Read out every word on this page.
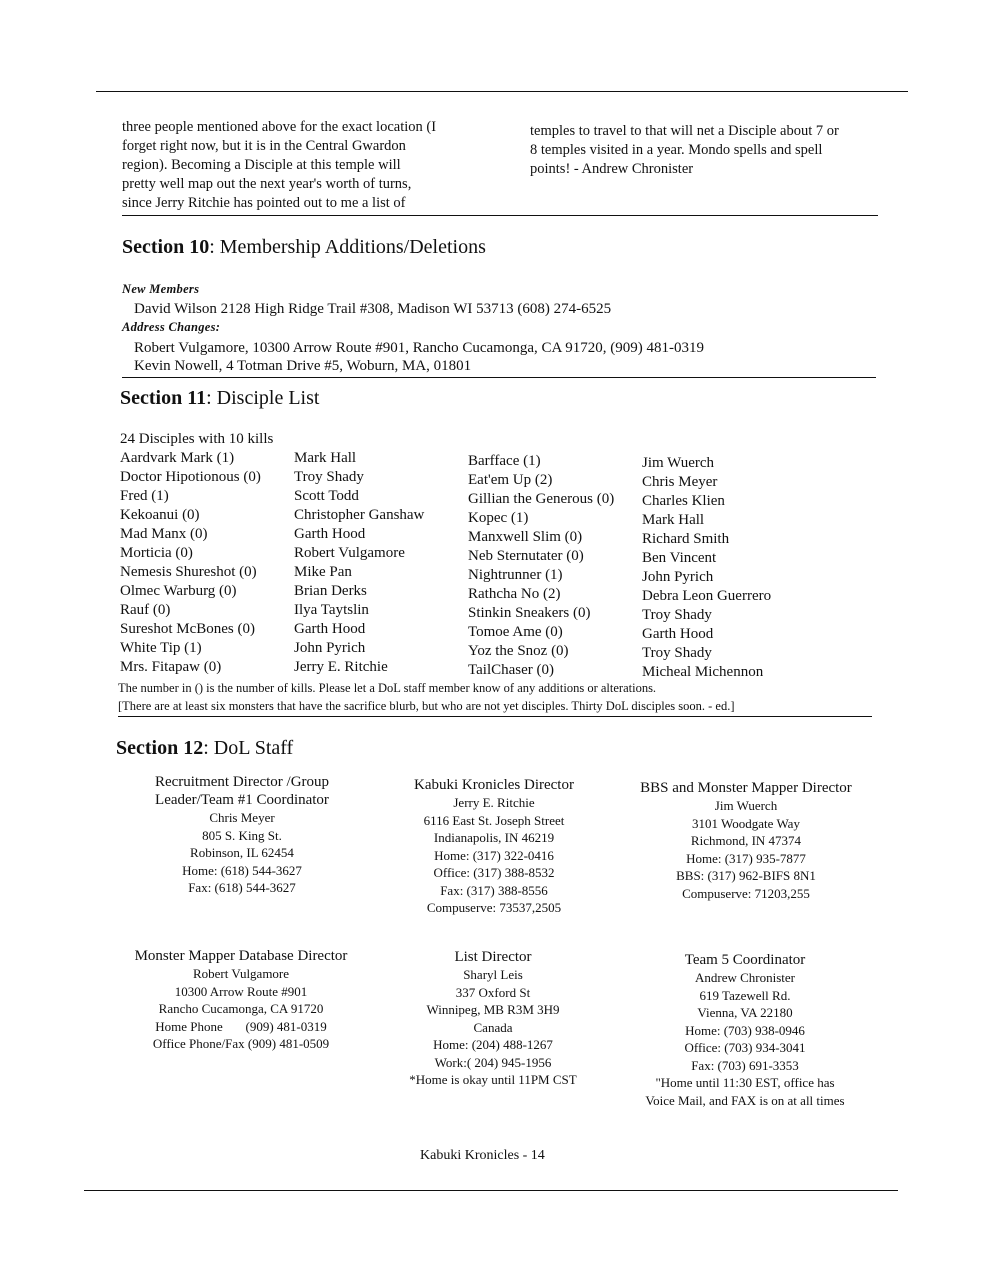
three people mentioned above for the exact location (I
forget right now, but it is in the Central Gwardon
region). Becoming a Disciple at this temple will
pretty well map out the next year's worth of turns,
since Jerry Ritchie has pointed out to me a list of
temples to travel to that will net a Disciple about 7 or
8 temples visited in a year. Mondo spells and spell
points! - Andrew Chronister
Section 10: Membership Additions/Deletions
New Members
David Wilson 2128 High Ridge Trail #308, Madison WI 53713 (608) 274-6525
Address Changes:
Robert Vulgamore, 10300 Arrow Route #901, Rancho Cucamonga, CA 91720, (909) 481-0319
Kevin Nowell, 4 Totman Drive #5, Woburn, MA, 01801
Section 11: Disciple List
24 Disciples with 10 kills
Aardvark Mark (1)
Doctor Hipotionous (0)
Fred (1)
Kekoanui (0)
Mad Manx (0)
Morticia (0)
Nemesis Shureshot (0)
Olmec Warburg (0)
Rauf (0)
Sureshot McBones (0)
White Tip (1)
Mrs. Fitapaw (0)
Mark Hall
Troy Shady
Scott Todd
Christopher Ganshaw
Garth Hood
Robert Vulgamore
Mike Pan
Brian Derks
Ilya Taytslin
Garth Hood
John Pyrich
Jerry E. Ritchie
Barfface (1)
Eat'em Up (2)
Gillian the Generous (0)
Kopec (1)
Manxwell Slim (0)
Neb Sternutater (0)
Nightrunner (1)
Rathcha No (2)
Stinkin Sneakers (0)
Tomoe Ame (0)
Yoz the Snoz (0)
TailChaser (0)
Jim Wuerch
Chris Meyer
Charles Klien
Mark Hall
Richard Smith
Ben Vincent
John Pyrich
Debra Leon Guerrero
Troy Shady
Garth Hood
Troy Shady
Micheal Michennon
The number in () is the number of kills. Please let a DoL staff member know of any additions or alterations.
[There are at least six monsters that have the sacrifice blurb, but who are not yet disciples. Thirty DoL disciples soon. - ed.]
Section 12: DoL Staff
Recruitment Director /Group
Leader/Team #1 Coordinator
Chris Meyer
805 S. King St.
Robinson, IL 62454
Home: (618) 544-3627
Fax: (618) 544-3627
Kabuki Kronicles Director
Jerry E. Ritchie
6116 East St. Joseph Street
Indianapolis, IN 46219
Home: (317) 322-0416
Office: (317) 388-8532
Fax: (317) 388-8556
Compuserve: 73537,2505
BBS and Monster Mapper Director
Jim Wuerch
3101 Woodgate Way
Richmond, IN 47374
Home: (317) 935-7877
BBS: (317) 962-BIFS 8N1
Compuserve: 71203,255
Monster Mapper Database Director
Robert Vulgamore
10300 Arrow Route #901
Rancho Cucamonga, CA 91720
Home Phone       (909) 481-0319
Office Phone/Fax (909) 481-0509
List Director
Sharyl Leis
337 Oxford St
Winnipeg, MB R3M 3H9
Canada
Home: (204) 488-1267
Work:( 204) 945-1956
*Home is okay until 11PM CST
Team 5 Coordinator
Andrew Chronister
619 Tazewell Rd.
Vienna, VA 22180
Home: (703) 938-0946
Office: (703) 934-3041
Fax: (703) 691-3353
"Home until 11:30 EST, office has
Voice Mail, and FAX is on at all times
Kabuki Kronicles - 14
